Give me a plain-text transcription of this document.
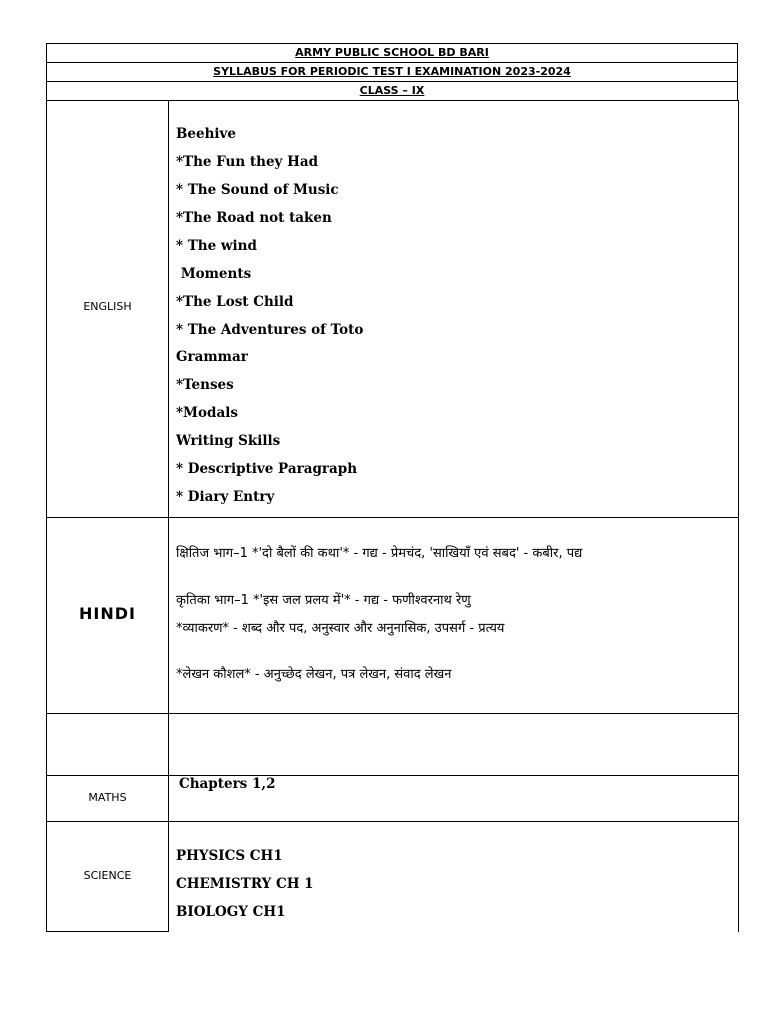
ARMY PUBLIC SCHOOL BD BARI
SYLLABUS FOR PERIODIC TEST I EXAMINATION 2023-2024
CLASS – IX
ENGLISH
Beehive
*The Fun they Had
* The Sound of Music
*The Road not taken
* The wind
Moments
*The Lost Child
* The Adventures of Toto
Grammar
*Tenses
*Modals
Writing Skills
* Descriptive Paragraph
* Diary Entry
HINDI
क्षितिज भाग–1 *'दो बैलों की कथा'* - गद्य - प्रेमचंद, 'साखियाँ एवं सबद' - कबीर, पद्य
कृतिका भाग–1 *'इस जल प्रलय में'* - गद्य - फणीश्वरनाथ रेणु
*व्याकरण* - शब्द और पद, अनुस्वार और अनुनासिक, उपसर्ग - प्रत्यय
*लेखन कौशल* - अनुच्छेद लेखन, पत्र लेखन, संवाद लेखन
MATHS
Chapters 1,2
SCIENCE
PHYSICS CH1
CHEMISTRY CH 1
BIOLOGY CH1
